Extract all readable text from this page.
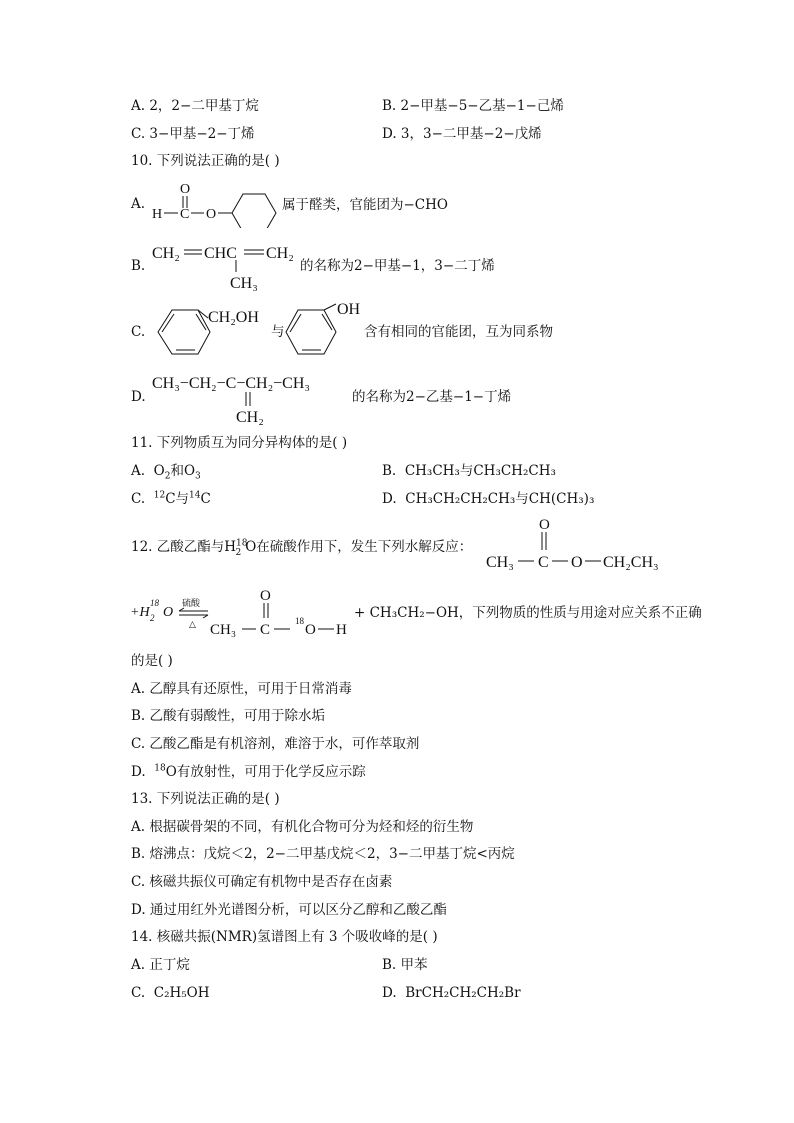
A. 2，2−二甲基丁烷	B. 2−甲基−5−乙基−1−己烯
C. 3−甲基−2−丁烯	D. 3，3−二甲基−2−戊烯
10. 下列说法正确的是( )
A.
O
H C O
属于醛类，官能团为−CHO
B.
CH₂ CHC CH₂
CH₃
的名称为2−甲基−1，3−二丁烯
C.
CH₂OH
与
OH
含有相同的官能团，互为同系物
D.
CH₃−CH₂−C−CH₂−CH₃
CH₂
的名称为2−乙基−1−丁烯
11. 下列物质互为同分异构体的是( )
A. $O_2$和$O_3$	B. CH₃CH₃与CH₃CH₂CH₃
C. $^{12}$C与$^{14}$C	D. CH₃CH₂CH₂CH₃与CH(CH₃)₃
12. 乙酸乙酯与$H^{18}_2$ O在硫酸作用下，发生下列水解反应：
O
CH₃ C O CH₂CH₃
+H
18
2 O
硫酸
△
O
CH₃ C
18
O H
+ CH₃CH₂−OH，下列物质的性质与用途对应关系不正确
的是( )
A. 乙醇具有还原性，可用于日常消毒
B. 乙酸有弱酸性，可用于除水垢
C. 乙酸乙酯是有机溶剂，难溶于水，可作萃取剂
D. $^{18}$O有放射性，可用于化学反应示踪
13. 下列说法正确的是( )
A. 根据碳骨架的不同，有机化合物可分为烃和烃的衍生物
B. 熔沸点：戊烷＜2，2−二甲基戊烷＜2，3−二甲基丁烷<丙烷
C. 核磁共振仪可确定有机物中是否存在卤素
D. 通过用红外光谱图分析，可以区分乙醇和乙酸乙酯
14. 核磁共振(NMR)氢谱图上有 3 个吸收峰的是( )
A. 正丁烷	B. 甲苯
C. C₂H₅OH	D. BrCH₂CH₂CH₂Br
